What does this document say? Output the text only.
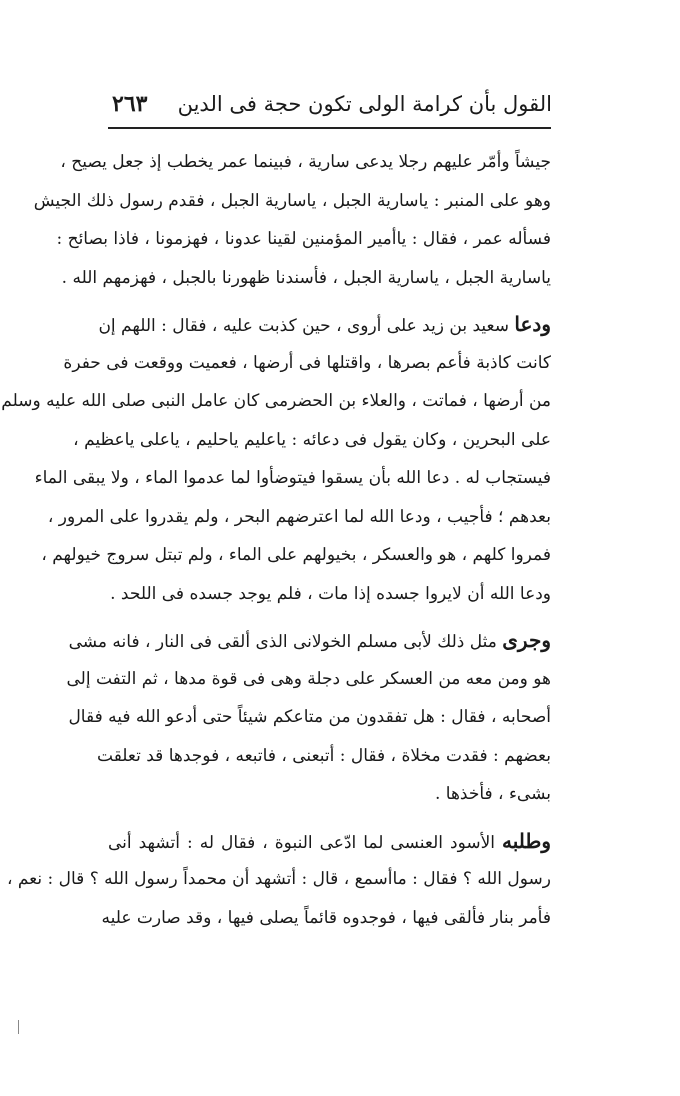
القول بأن كرامة الولى تكون حجة فى الدين
٢٦٣
جيشاً وأمّر عليهم رجلا يدعى سارية ، فبينما عمر يخطب إذ جعل يصيح ،
وهو على المنبر : ياسارية الجبل ، ياسارية الجبل ، فقدم رسول ذلك الجيش
فسأله عمر ، فقال : ياأمير المؤمنين لقينا عدونا ، فهزمونا ، فاذا بصائح :
ياسارية الجبل ، ياسارية الجبل ، فأسندنا ظهورنا بالجبل ، فهزمهم الله .
ودعا سعيد بن زيد على أروى ، حين كذبت عليه ، فقال : اللهم إن
كانت كاذبة فأعم بصرها ، واقتلها فى أرضها ، فعميت ووقعت فى حفرة
من أرضها ، فماتت ، والعلاء بن الحضرمى كان عامل النبى صلى الله عليه وسلم
على البحرين ، وكان يقول فى دعائه : ياعليم ياحليم ، ياعلى ياعظيم ،
فيستجاب له . دعا الله بأن يسقوا فيتوضأوا لما عدموا الماء ، ولا يبقى الماء
بعدهم ؛ فأجيب ، ودعا الله لما اعترضهم البحر ، ولم يقدروا على المرور ،
فمروا كلهم ، هو والعسكر ، بخيولهم على الماء ، ولم تبتل سروج خيولهم ،
ودعا الله أن لايروا جسده إذا مات ، فلم يوجد جسده فى اللحد .
وجرى مثل ذلك لأبى مسلم الخولانى الذى ألقى فى النار ، فانه مشى
هو ومن معه من العسكر على دجلة وهى فى قوة مدها ، ثم التفت إلى
أصحابه ، فقال : هل تفقدون من متاعكم شيئاً حتى أدعو الله فيه فقال
بعضهم : فقدت مخلاة ، فقال : أتبعنى ، فاتبعه ، فوجدها قد تعلقت
بشىء ، فأخذها .
وطلبه الأسود العنسى لما ادّعى النبوة ، فقال له : أتشهد أنى
رسول الله ؟ فقال : ماأسمع ، قال : أتشهد أن محمداً رسول الله ؟ قال : نعم ،
فأمر بنار فألقى فيها ، فوجدوه قائماً يصلى فيها ، وقد صارت عليه
